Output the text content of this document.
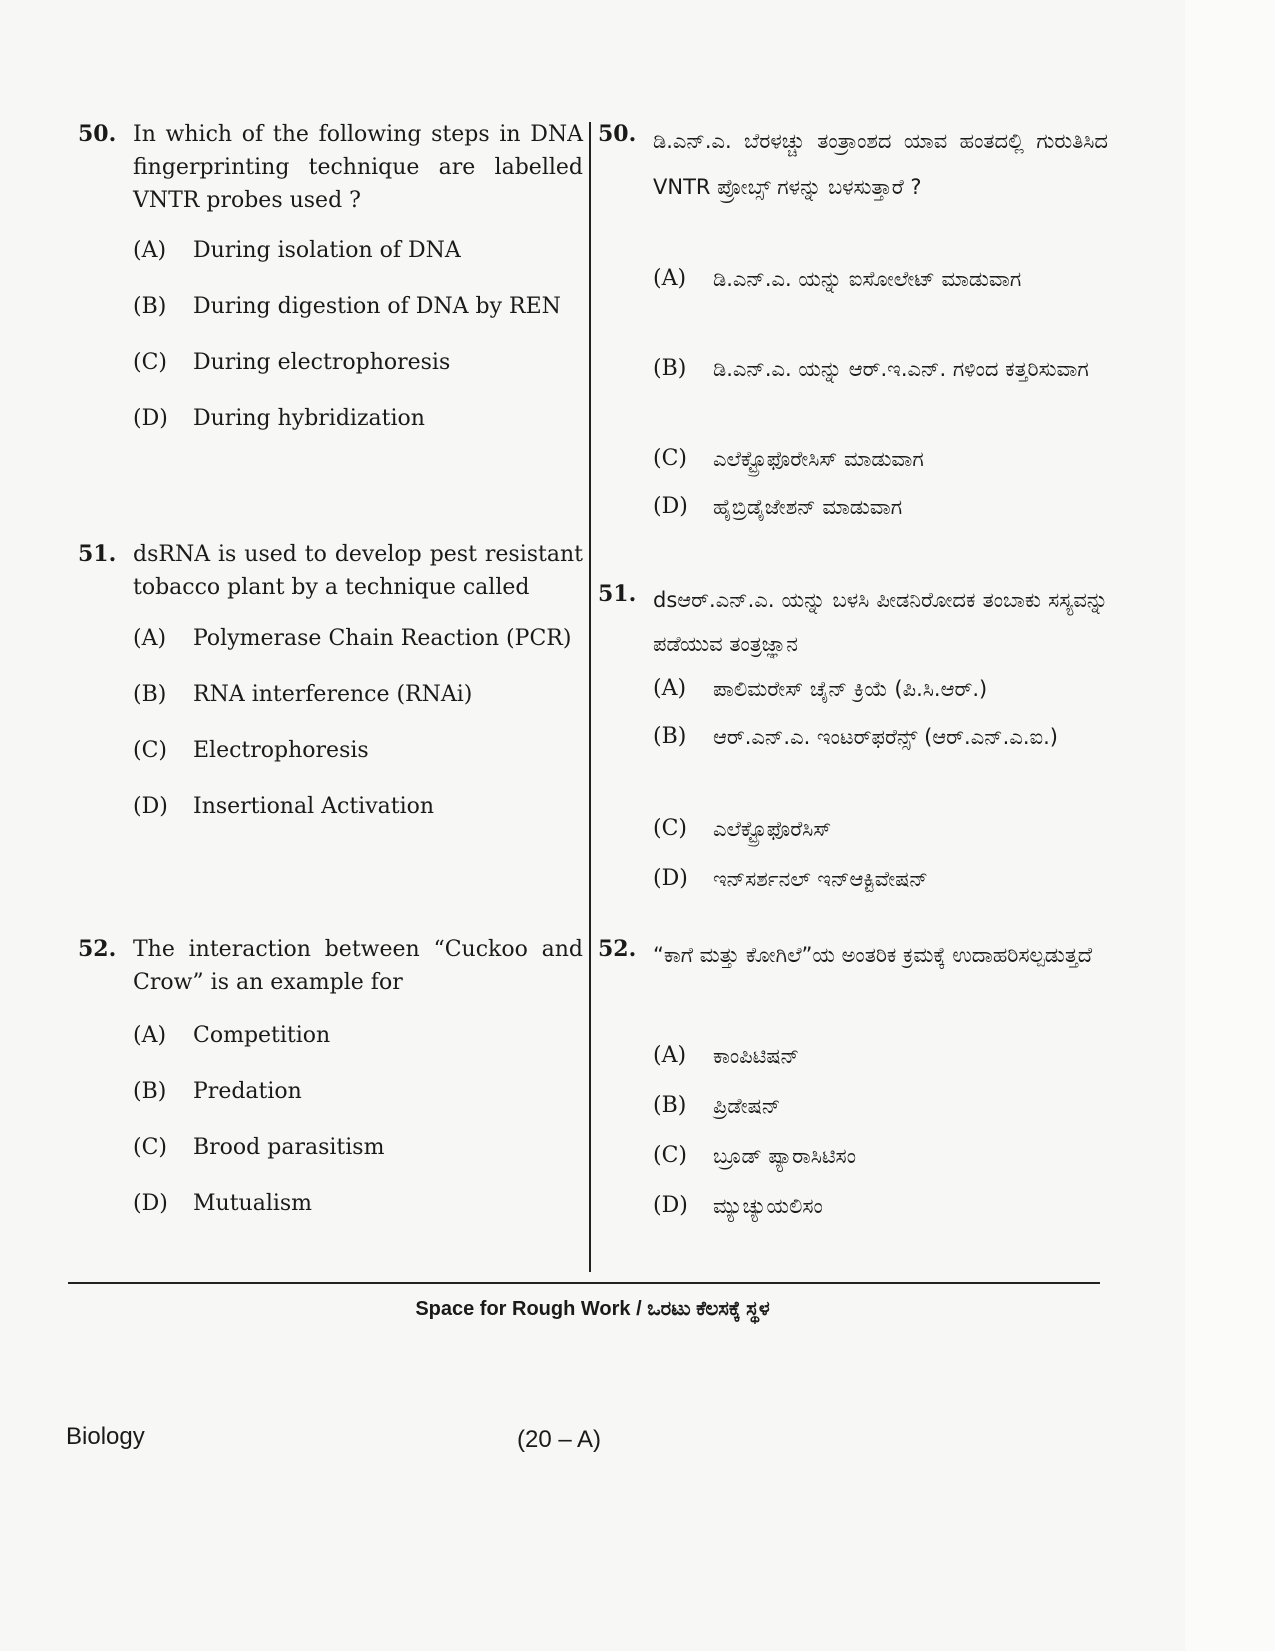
50. In which of the following steps in DNA fingerprinting technique are labelled VNTR probes used ?
(A)	During isolation of DNA
(B)	During digestion of DNA by REN
(C)	During electrophoresis
(D)	During hybridization
51. dsRNA is used to develop pest resistant tobacco plant by a technique called
(A)	Polymerase Chain Reaction (PCR)
(B)	RNA interference (RNAi)
(C)	Electrophoresis
(D)	Insertional Activation
52. The interaction between “Cuckoo and Crow” is an example for
(A)	Competition
(B)	Predation
(C)	Brood parasitism
(D)	Mutualism
50. ಡಿ.ಎನ್.ಎ. ಬೆರಳಚ್ಚು ತಂತ್ರಾಂಶದ ಯಾವ ಹಂತದಲ್ಲಿ ಗುರುತಿಸಿದ VNTR ಪ್ರೋಬ್ಸ್ ಗಳನ್ನು ಬಳಸುತ್ತಾರೆ ?
(A)	ಡಿ.ಎನ್.ಎ. ಯನ್ನು ಐಸೋಲೇಟ್ ಮಾಡುವಾಗ
(B)	ಡಿ.ಎನ್.ಎ. ಯನ್ನು ಆರ್.ಇ.ಎನ್. ಗಳಿಂದ ಕತ್ತರಿಸುವಾಗ
(C)	ಎಲೆಕ್ಟ್ರೊಫೊರೇಸಿಸ್ ಮಾಡುವಾಗ
(D)	ಹೈಬ್ರಿಡೈಜೇಶನ್ ಮಾಡುವಾಗ
51. dsಆರ್.ಎನ್.ಎ. ಯನ್ನು ಬಳಸಿ ಪೀಡನಿರೋದಕ ತಂಬಾಕು ಸಸ್ಯವನ್ನು ಪಡೆಯುವ ತಂತ್ರಜ್ಞಾನ
(A)	ಪಾಲಿಮರೇಸ್ ಚೈನ್ ಕ್ರಿಯೆ (ಪಿ.ಸಿ.ಆರ್.)
(B)	ಆರ್.ಎನ್.ಎ. ಇಂಟರ್‌ಫರೆನ್ಸ್ (ಆರ್.ಎನ್.ಎ.ಐ.)
(C)	ಎಲೆಕ್ಟ್ರೊಫೊರೆಸಿಸ್
(D)	ಇನ್‌ಸರ್ಶನಲ್ ಇನ್‌ಆಕ್ಟಿವೇಷನ್
52. “ಕಾಗೆ ಮತ್ತು ಕೋಗಿಲೆ”ಯ ಅಂತರಿಕ ಕ್ರಮಕ್ಕೆ ಉದಾಹರಿಸಲ್ಪಡುತ್ತದೆ
(A)	ಕಾಂಪಿಟಿಷನ್
(B)	ಪ್ರಿಡೇಷನ್
(C)	ಬ್ರೂಡ್ ಪ್ಯಾರಾಸಿಟಿಸಂ
(D)	ಮ್ಯುಚ್ಯುಯಲಿಸಂ
Space for Rough Work / ಒರಟು ಕೆಲಸಕ್ಕೆ ಸ್ಥಳ
Biology	(20 – A)
